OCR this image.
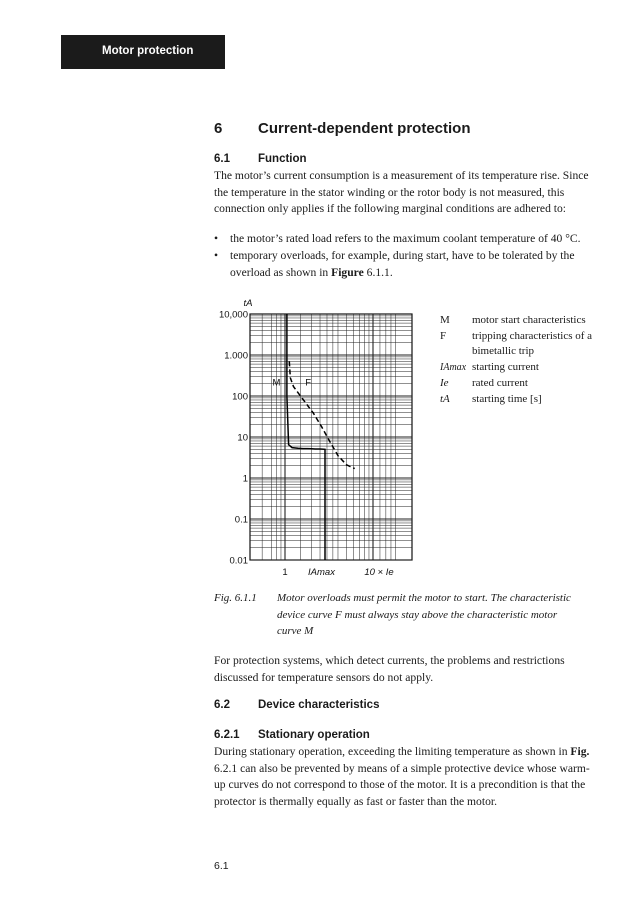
Motor protection
6 Current-dependent protection
6.1 Function

The motor’s current consumption is a measurement of its temperature rise. Since

the temperature in the stator winding or the rotor body is not measured, this

connection only applies if the following marginal conditions are adhered to:

• the motor’s rated load refers to the maximum coolant temperature of 40 °C.
• temporary overloads, for example, during start, have to be tolerated by the
overload as shown in Figure 6.1.1.
10,000
1.000
100
10
1
0.1
0.01
tA
1 IAmax	10 × Ie
M	F
M	motor start characteristics
F	tripping characteristics of a
bimetallic trip
IAmax starting current
Ie	rated current
tA	starting time [s]
Fig. 6.1.1 Motor overloads must permit the motor to start. The characteristic
device curve F must always stay above the characteristic motor
curve M

For protection systems, which detect currents, the problems and restrictions

discussed for temperature sensors do not apply.

6.2 Device characteristics
6.2.1 Stationary operation

During stationary operation, exceeding the limiting temperature as shown in Fig.

6.2.1 can also be prevented by means of a simple protective device whose warm-

up curves do not correspond to those of the motor. It is a precondition is that the

protector is thermally equally as fast or faster than the motor.

6.1
